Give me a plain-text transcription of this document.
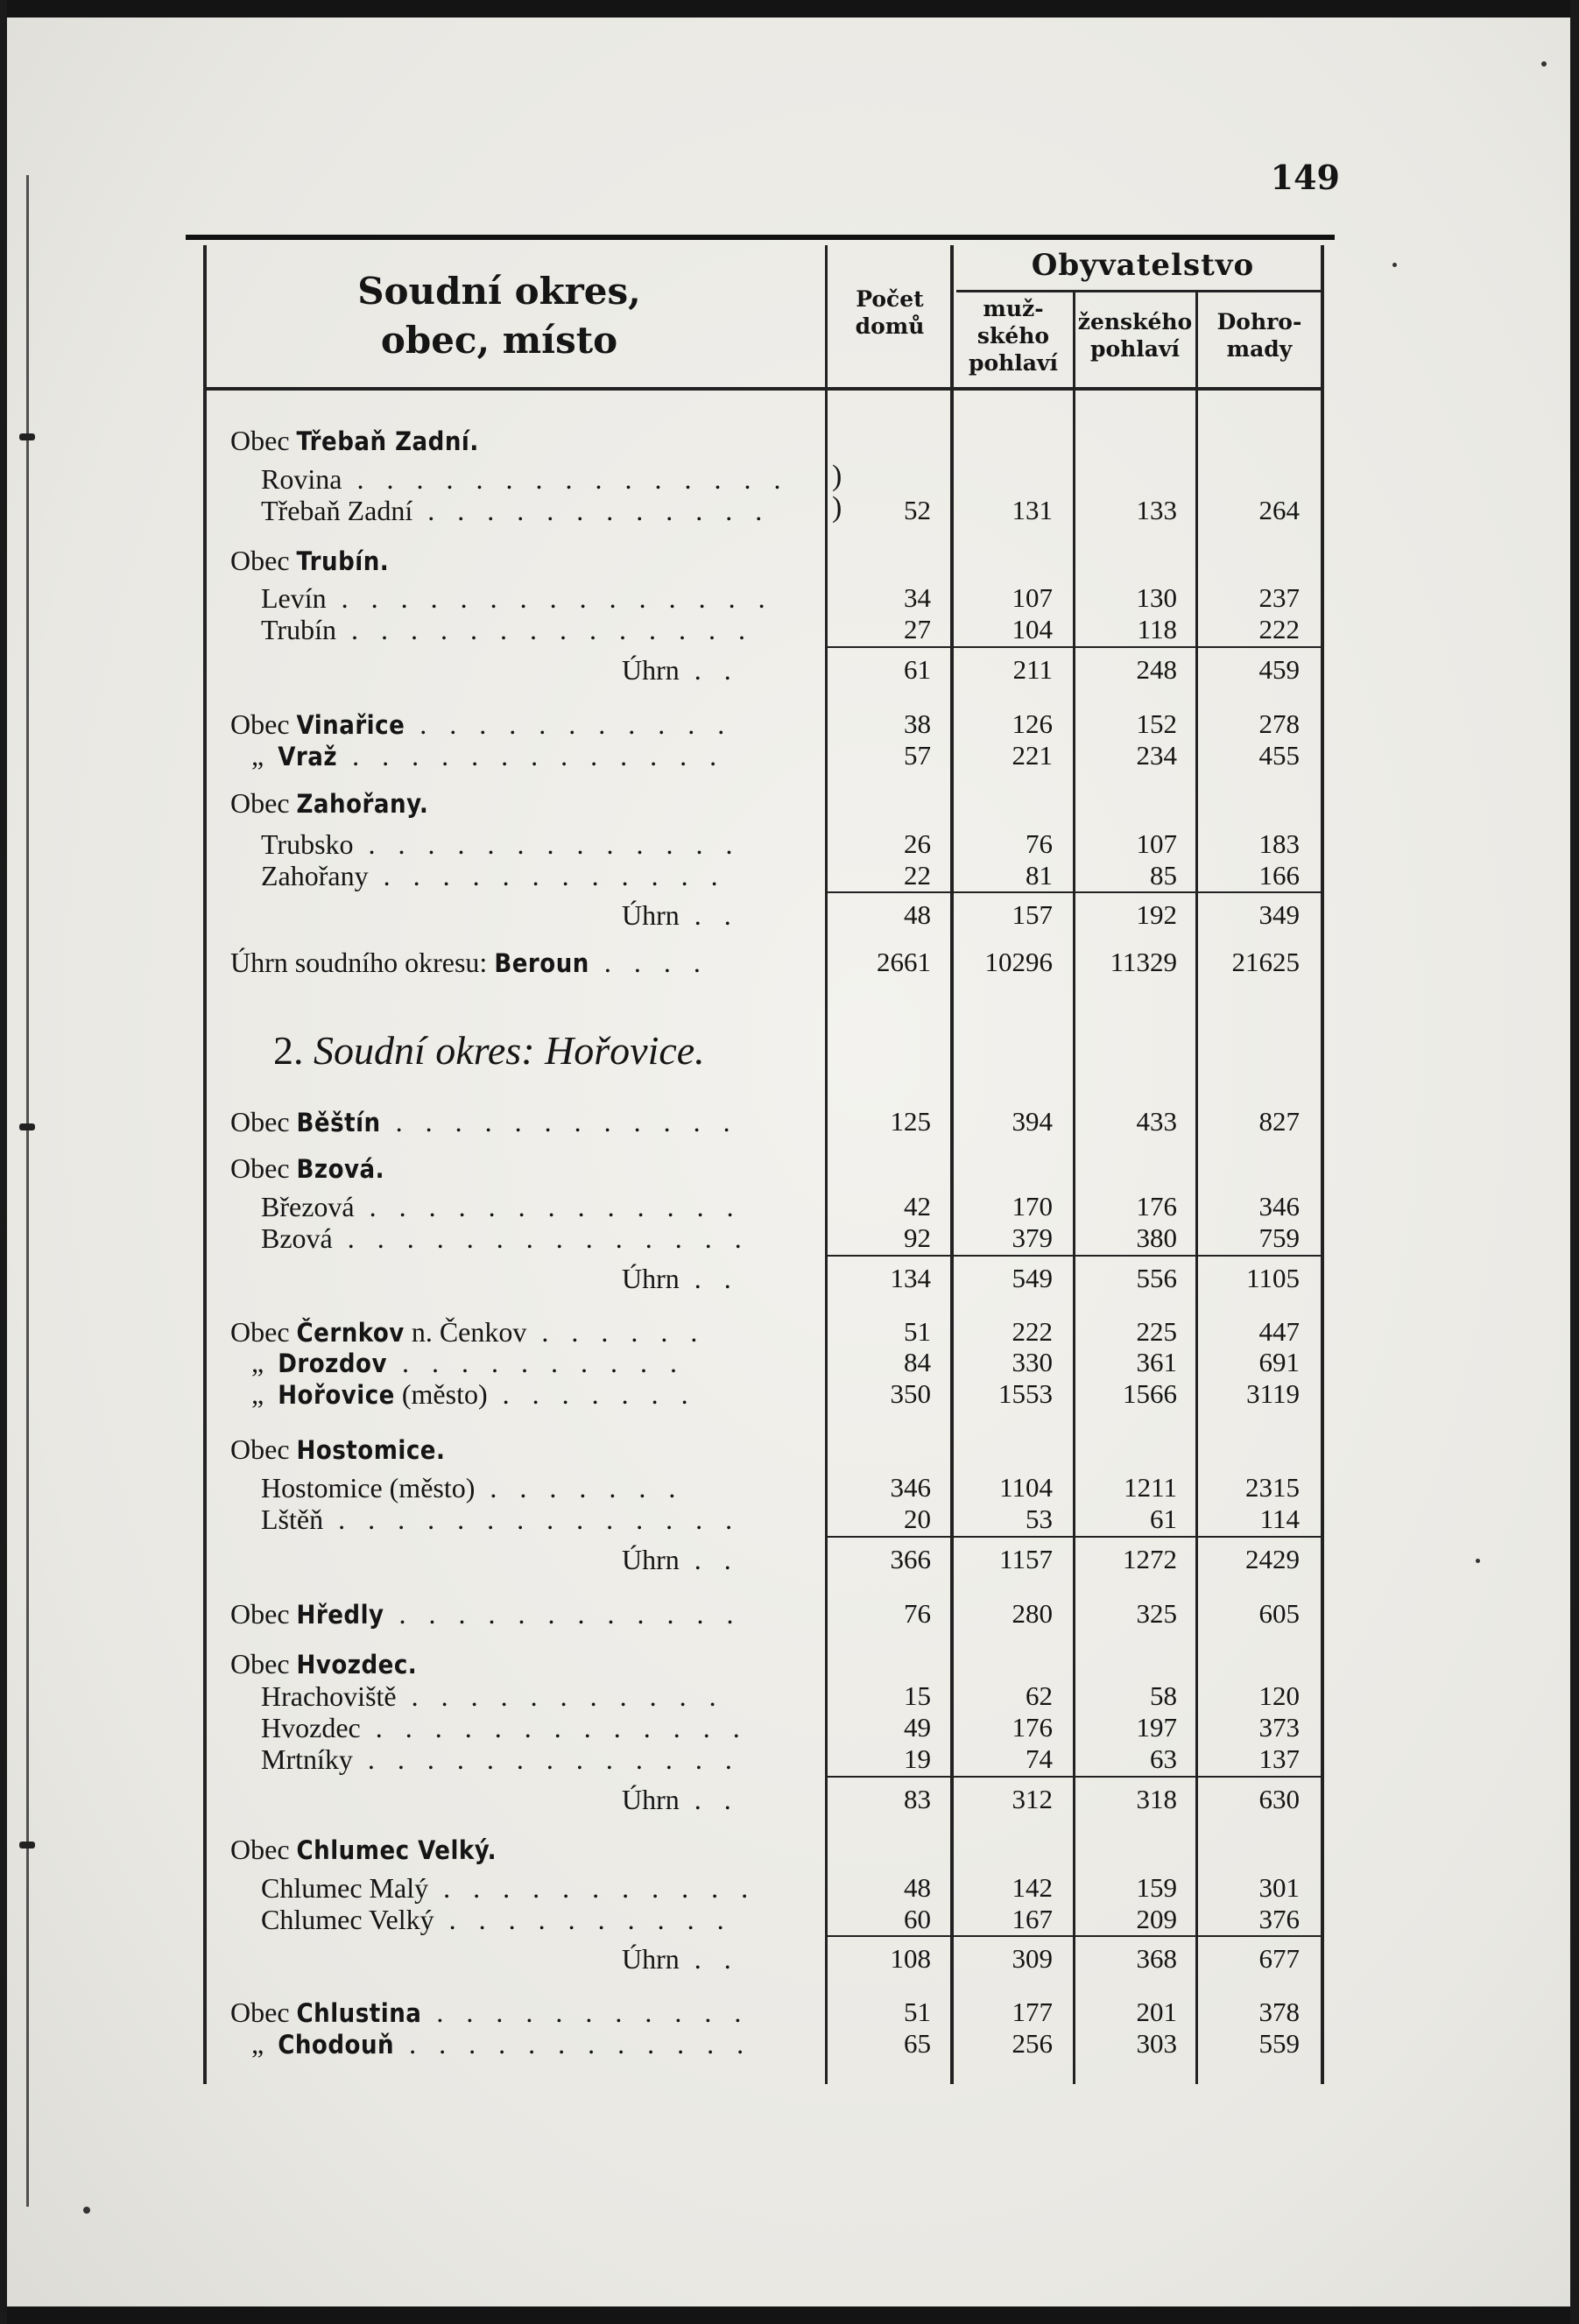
149
Soudní okres,
obec, místo
Počet
domů
Obyvatelstvo
muž-
ského
pohlaví
ženského
pohlaví
Dohro-
mady
)
)
2. Soudní okres: Hořovice.
Obec Třebaň Zadní.
Rovina . . . . . . . . . . . . . . .
Třebaň Zadní . . . . . . . . . . . .	52	131	133	264
Obec Trubín.
Levín . . . . . . . . . . . . . . .	34	107	130	237
Trubín . . . . . . . . . . . . . .	27	104	118	222
Úhrn . .	61	211	248	459
Obec Vinařice . . . . . . . . . . .	38	126	152	278
„  Vraž . . . . . . . . . . . . .	57	221	234	455
Obec Zahořany.
Trubsko . . . . . . . . . . . . .	26	76	107	183
Zahořany . . . . . . . . . . . .	22	81	85	166
Úhrn . .	48	157	192	349
Úhrn soudního okresu: Beroun . . . .	2661	10296	11329	21625
Obec Běštín . . . . . . . . . . . .	125	394	433	827
Obec Bzová.
Březová . . . . . . . . . . . . .	42	170	176	346
Bzová . . . . . . . . . . . . . .	92	379	380	759
Úhrn . .	134	549	556	1105
Obec Černkov n. Čenkov . . . . . .	51	222	225	447
„  Drozdov . . . . . . . . . .	84	330	361	691
„  Hořovice (město) . . . . . . .	350	1553	1566	3119
Obec Hostomice.
Hostomice (město) . . . . . . .	346	1104	1211	2315
Lštěň . . . . . . . . . . . . . .	20	53	61	114
Úhrn . .	366	1157	1272	2429
Obec Hředly . . . . . . . . . . . .	76	280	325	605
Obec Hvozdec.
Hrachoviště . . . . . . . . . . .	15	62	58	120
Hvozdec . . . . . . . . . . . . .	49	176	197	373
Mrtníky . . . . . . . . . . . . .	19	74	63	137
Úhrn . .	83	312	318	630
Obec Chlumec Velký.
Chlumec Malý . . . . . . . . . . .	48	142	159	301
Chlumec Velký . . . . . . . . . .	60	167	209	376
Úhrn . .	108	309	368	677
Obec Chlustina . . . . . . . . . . .	51	177	201	378
„  Chodouň . . . . . . . . . . . .	65	256	303	559
